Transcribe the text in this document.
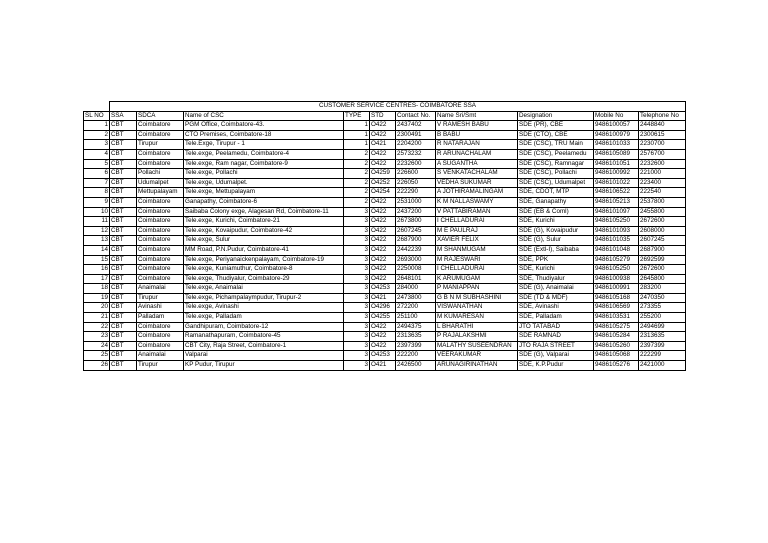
	CUSTOMER SERVICE CENTRES- COIMBATORE SSA									
SL NO	SSA	SDCA	Name of CSC	TYPE	STD	Contact No.	Name Sri/Smt	Designation	Mobile No	Telephone No
1	CBT	Coimbatore	PGM Office, Coimbatore-43.	1	O422	2437402	V RAMESH BABU	SDE (PR), CBE	9486100057	2448840
2	CBT	Coimbatore	CTO Premises, Coimbatore-18	1	O422	2300491	B BABU	SDE (CTO), CBE	9486100979	2300615
3	CBT	Tirupur	Tele.Exge, Tirupur - 1	1	O421	2204200	R NATARAJAN	SDE (CSC), TRU Main	9486101033	2230700
4	CBT	Coimbatore	Tele.exge, Peelamedu, Coimbatore-4	2	O422	2573232	R ARUNACHALAM	SDE (CSC), Peelamedu	9486105089	2576700
5	CBT	Coimbatore	Tele.exge, Ram nagar, Coimbatore-9	2	O422	2232600	A SUGANTHA	SDE (CSC), Ramnagar	9486101051	2232600
6	CBT	Pollachi	Tele.exge, Pollachi	2	O4259	226600	S VENKATACHALAM	SDE (CSC), Pollachi	9486100992	221000
7	CBT	Udumalpet	Tele.exge, Udumalpet.	2	O4252	226050	VEDHA SUKUMAR	SDE (CSC), Udumalpet	9486101022	223400
8	CBT	Mettupalayam	Tele.exge, Mettupalayam	2	O4254	222290	A JOTHIRAMALINGAM	SDE, CDOT, MTP	9486106522	222540
9	CBT	Coimbatore	Ganapathy, Coimbatore-6	2	O422	2531000	K M NALLASWAMY	SDE, Ganapathy	9486105213	2537800
10	CBT	Coimbatore	Saibaba Colony exge, Alagesan Rd, Coimbatore-11	3	O422	2437200	V PATTABIRAMAN	SDE (EB & Coml)	9486101097	2455800
11	CBT	Coimbatore	Tele.exge, Kurichi, Coimbatore-21	3	O422	2673800	I CHELLADURAI	SDE, Kurichi	9486105250	2672600
12	CBT	Coimbatore	Tele.exge, Kovaipudur, Coimbatore-42	3	O422	2607245	M E PAULRAJ	SDE (G), Kovaipudur	9486101093	2608000
13	CBT	Coimbatore	Tele.exge, Sulur	3	O422	2687900	XAVIER FELIX	SDE (G), Sulur	9486101035	2607245
14	CBT	Coimbatore	MM Road, P.N.Pudur, Coimbatore-41	3	O422	2442239	M SHANMUGAM	SDE (Extl-I), Saibaba	9486101048	2687900
15	CBT	Coimbatore	Tele.exge, Periyanaickenpalayam, Coimbatore-19	3	O422	2693000	M RAJESWARI	SDE, PPK	9486105279	2692599
16	CBT	Coimbatore	Tele.exge, Kuniamuthur, Coimbatore-8	3	O422	2250008	I CHELLADURAI	SDE, Kurichi	9486105250	2672600
17	CBT	Coimbatore	Tele.exge, Thudiyalur, Coimbatore-29	3	O422	2648101	K ARUMUGAM	SDE, Thudiyalur	9486100938	2645800
18	CBT	Anaimalai	Tele.exge, Anaimalai	3	O4253	284000	P MANIAPPAN	SDE (G), Anaimalai	9486100991	283200
19	CBT	Tirupur	Tele.exge, Pichampalaympudur, Tirupur-2	3	O421	2473800	G B N M SUBHASHINI	SDE (TD & MDF)	9486105168	2470350
20	CBT	Avinashi	Tele.exge, Avinashi	3	O4296	272200	VISWANATHAN	SDE, Avinashi	9486106569	273355
21	CBT	Palladam	Tele.exge, Palladam	3	O4255	251100	M KUMARESAN	SDE, Palladam	9486103531	255200
22	CBT	Coimbatore	Gandhipuram, Coimbatore-12	3	O422	2494375	L BHARATHI	JTO TATABAD	9486105275	2494699
23	CBT	Coimbatore	Ramanathapuram, Coimbatore-45	3	O422	2313635	P RAJALAKSHMI	SDE RAMNAD	9486105284	2313635
24	CBT	Coimbatore	CBT City, Raja Street, Coimbatore-1	3	O422	2397399	MALATHY SUSEENDRAN	JTO RAJA STREET	9486105260	2397399
25	CBT	Anaimalai	Valparai	3	O4253	222200	VEERAKUMAR	SDE (G), Valparai	9486105068	222299
26	CBT	Tirupur	KP Pudur, Tirupur	3	O421	2426500	ARUNAGIRINATHAN	SDE, K.P.Pudur	9486105276	2421000
